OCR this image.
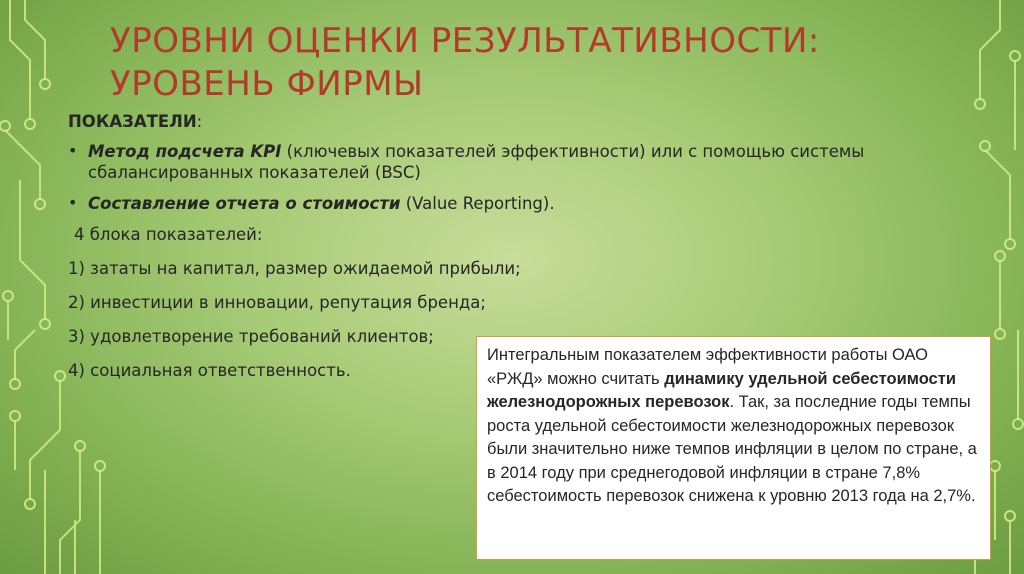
УРОВНИ ОЦЕНКИ РЕЗУЛЬТАТИВНОСТИ: УРОВЕНЬ ФИРМЫ
ПОКАЗАТЕЛИ:
• Метод подсчета KPI (ключевых показателей эффективности) или с помощью системы сбалансированных показателей (BSC)
• Составление отчета о стоимости (Value Reporting).
4 блока показателей:
1) зататы на капитал, размер ожидаемой прибыли;
2) инвестиции в инновации, репутация бренда;
3) удовлетворение требований клиентов;
4) социальная ответственность.
Интегральным показателем эффективности работы ОАО «РЖД» можно считать динамику удельной себестоимости железнодорожных перевозок. Так, за последние годы темпы роста удельной себестоимости железнодорожных перевозок были значительно ниже темпов инфляции в целом по стране, а в 2014 году при среднегодовой инфляции в стране 7,8% себестоимость перевозок снижена к уровню 2013 года на 2,7%.
